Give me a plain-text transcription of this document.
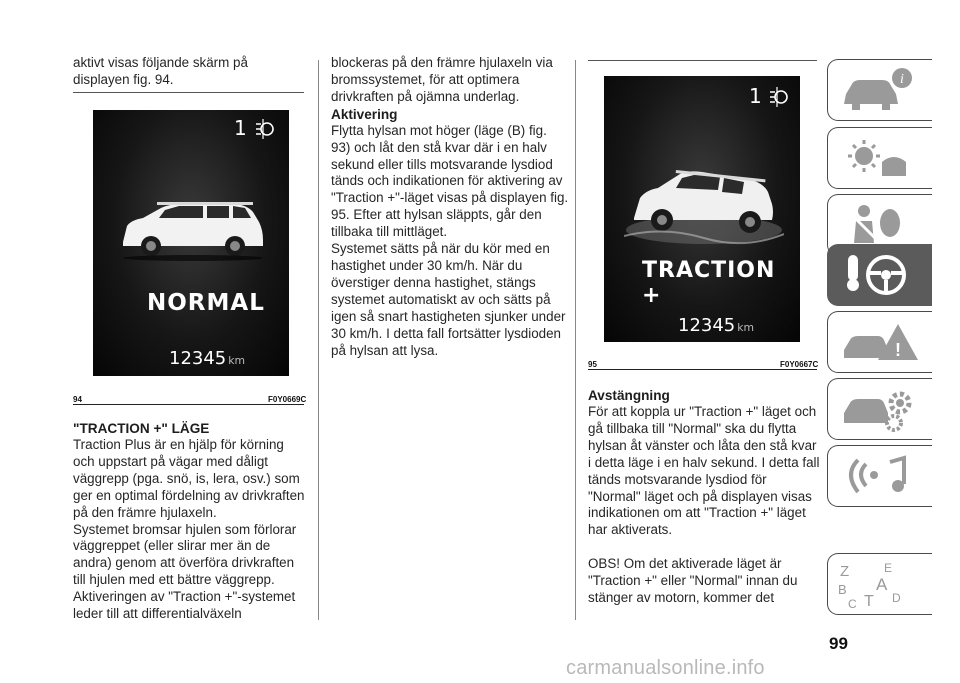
aktivt visas följande skärm på displayen fig. 94.

1
NORMAL
12345 km
94	F0Y0669C

"TRACTION +" LÄGE

Traction Plus är en hjälp för körning och uppstart på vägar med dåligt väggrepp (pga. snö, is, lera, osv.) som ger en optimal fördelning av drivkraften på den främre hjulaxeln.

Systemet bromsar hjulen som förlorar väggreppet (eller slirar mer än de andra) genom att överföra drivkraften till hjulen med ett bättre väggrepp.

Aktiveringen av "Traction +"-systemet leder till att differentialväxeln

blockeras på den främre hjulaxeln via bromssystemet, för att optimera drivkraften på ojämna underlag.

Aktivering

Flytta hylsan mot höger (läge (B) fig. 93) och låt den stå kvar där i en halv sekund eller tills motsvarande lysdiod tänds och indikationen för aktivering av "Traction +"-läget visas på displayen fig. 95. Efter att hylsan släppts, går den tillbaka till mittläget.

Systemet sätts på när du kör med en hastighet under 30 km/h. När du överstiger denna hastighet, stängs systemet automatiskt av och sätts på igen så snart hastigheten sjunker under 30 km/h. I detta fall fortsätter lysdioden på hylsan att lysa.

1
TRACTION +
12345 km
95	F0Y0667C

Avstängning

För att koppla ur "Traction +" läget och gå tillbaka till "Normal" ska du flytta hylsan åt vänster och låta den stå kvar i detta läge i en halv sekund. I detta fall tänds motsvarande lysdiod för "Normal" läget och på displayen visas indikationen om att "Traction +" läget har aktiverats.

OBS! Om det aktiverade läget är "Traction +" eller "Normal" innan du stänger av motorn, kommer det

i
!
Z	E
A
B
C T D
99
carmanualsonline.info
